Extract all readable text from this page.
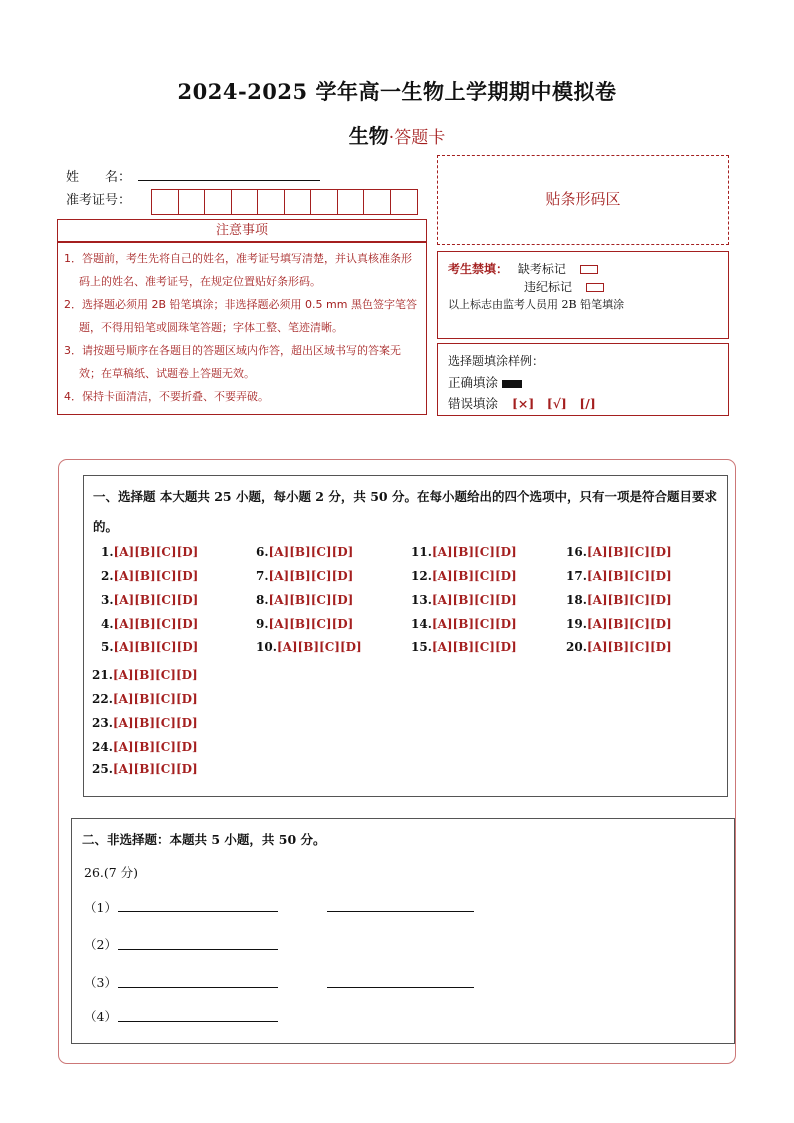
2024-2025 学年高一生物上学期期中模拟卷
生物·答题卡
姓　　名：
准考证号：
注意事项

1．答题前，考生先将自己的姓名，准考证号填写清楚，并认真核准条形码上的姓名、准考证号，在规定位置贴好条形码。

2．选择题必须用 2B 铅笔填涂；非选择题必须用 0.5 mm 黑色签字笔答题，不得用铅笔或圆珠笔答题；字体工整、笔迹清晰。

3．请按题号顺序在各题目的答题区域内作答，超出区域书写的答案无效；在草稿纸、试题卷上答题无效。

4．保持卡面清洁，不要折叠、不要弄破。

贴条形码区
考生禁填： 缺考标记
违纪标记
以上标志由监考人员用 2B 铅笔填涂
选择题填涂样例：
正确填涂
错误填涂 [×]　[√]　[/]
一、选择题 本大题共 25 小题，每小题 2 分，共 50 分。在每小题给出的四个选项中，只有一项是符合题目要求的。
1.[A][B][C][D]
2.[A][B][C][D]
3.[A][B][C][D]
4.[A][B][C][D]
5.[A][B][C][D]
6.[A][B][C][D]
7.[A][B][C][D]
8.[A][B][C][D]
9.[A][B][C][D]
10.[A][B][C][D]
11.[A][B][C][D]
12.[A][B][C][D]
13.[A][B][C][D]
14.[A][B][C][D]
15.[A][B][C][D]
16.[A][B][C][D]
17.[A][B][C][D]
18.[A][B][C][D]
19.[A][B][C][D]
20.[A][B][C][D]
21.[A][B][C][D]
22.[A][B][C][D]
23.[A][B][C][D]
24.[A][B][C][D]
25.[A][B][C][D]
二、非选择题：本题共 5 小题，共 50 分。
26.(7 分)
（1）
（2）
（3）
（4）
